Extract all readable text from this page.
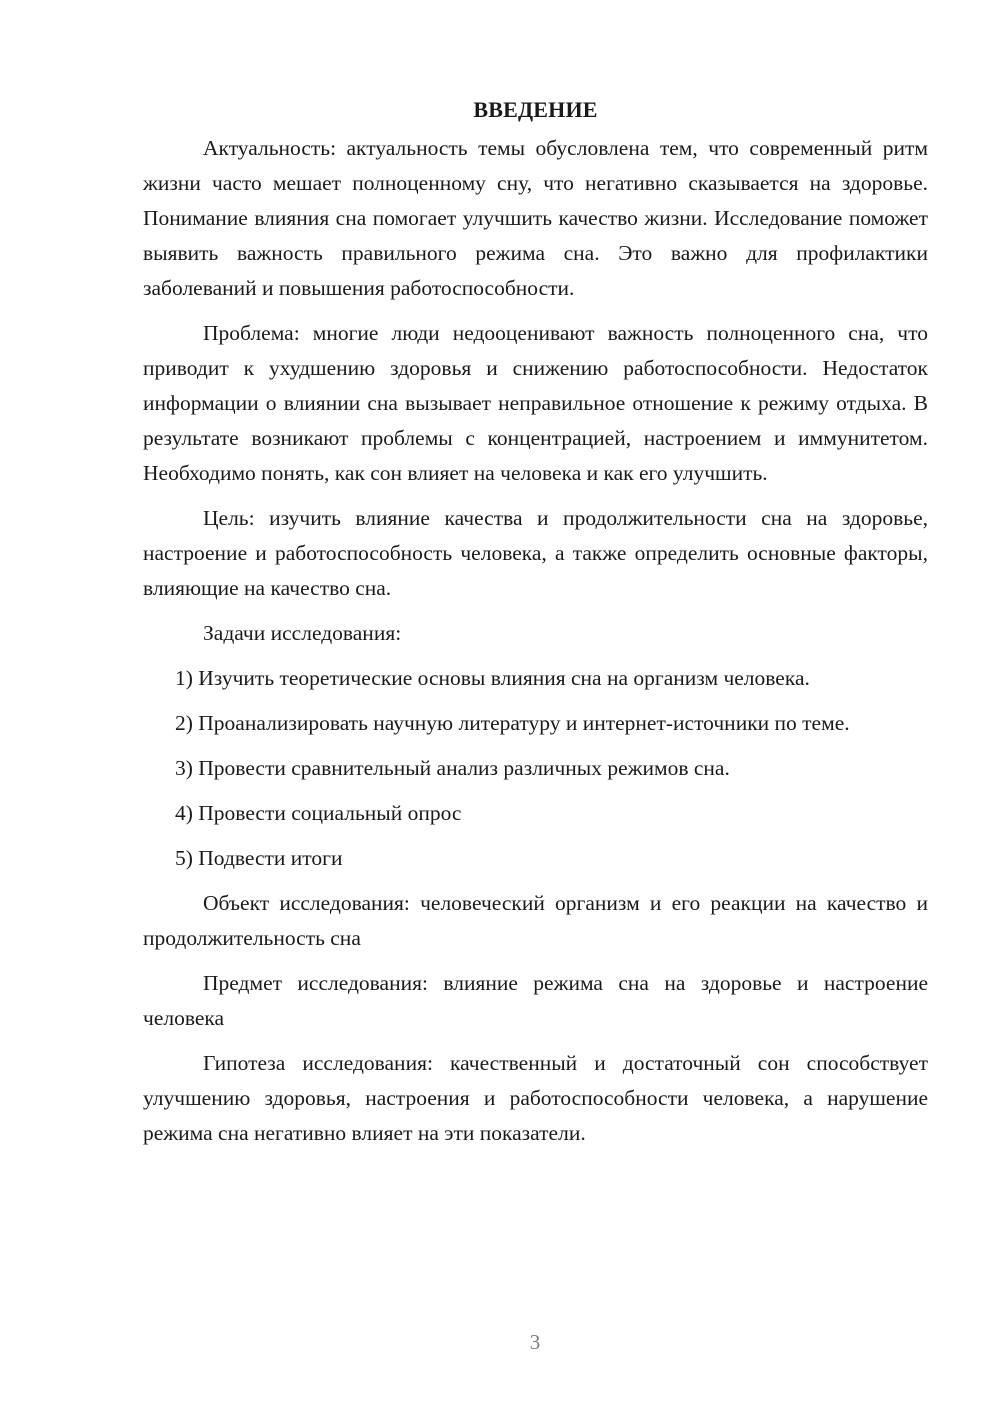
ВВЕДЕНИЕ

Актуальность: актуальность темы обусловлена тем, что современный ритм жизни часто мешает полноценному сну, что негативно сказывается на здоровье. Понимание влияния сна помогает улучшить качество жизни. Исследование поможет выявить важность правильного режима сна. Это важно для профилактики заболеваний и повышения работоспособности.

Проблема: многие люди недооценивают важность полноценного сна, что приводит к ухудшению здоровья и снижению работоспособности. Недостаток информации о влиянии сна вызывает неправильное отношение к режиму отдыха. В результате возникают проблемы с концентрацией, настроением и иммунитетом. Необходимо понять, как сон влияет на человека и как его улучшить.

Цель: изучить влияние качества и продолжительности сна на здоровье, настроение и работоспособность человека, а также определить основные факторы, влияющие на качество сна.

Задачи исследования:

1) Изучить теоретические основы влияния сна на организм человека.

2) Проанализировать научную литературу и интернет-источники по теме.

3) Провести сравнительный анализ различных режимов сна.

4) Провести социальный опрос

5) Подвести итоги

Объект исследования: человеческий организм и его реакции на качество и продолжительность сна

Предмет исследования: влияние режима сна на здоровье и настроение человека

Гипотеза исследования: качественный и достаточный сон способствует улучшению здоровья, настроения и работоспособности человека, а нарушение режима сна негативно влияет на эти показатели.

3
